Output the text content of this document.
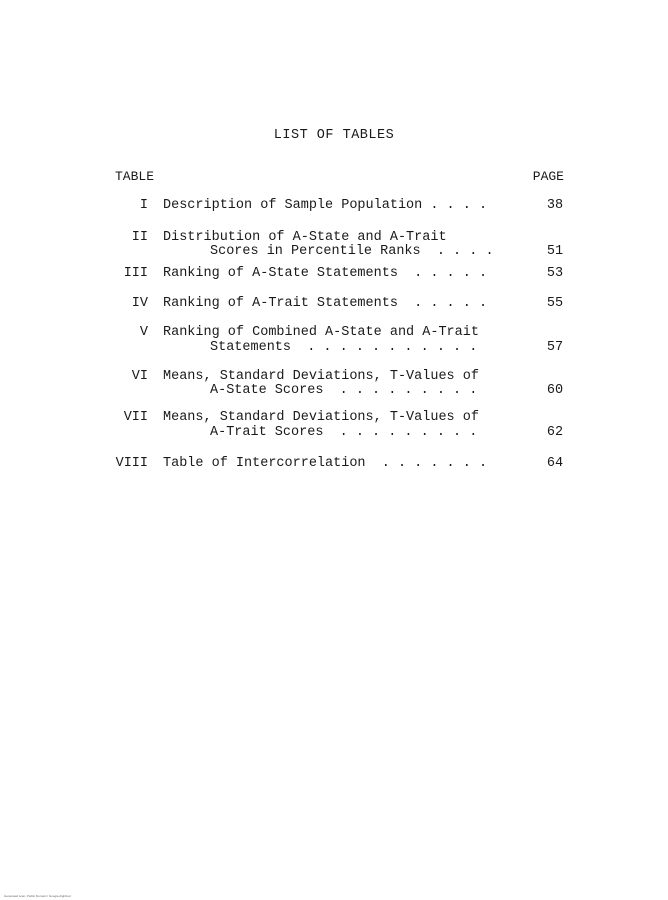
LIST OF TABLES
TABLE	PAGE
I Description of Sample Population . . . .	38
II Distribution of A-State and A-Trait
Scores in Percentile Ranks  . . . .	51
III Ranking of A-State Statements  . . . . .	53
IV Ranking of A-Trait Statements  . . . . .	55
V Ranking of Combined A-State and A-Trait
Statements  . . . . . . . . . . .	57
VI Means, Standard Deviations, T-Values of
A-State Scores  . . . . . . . . .	60
VII Means, Standard Deviations, T-Values of
A-Trait Scores  . . . . . . . . .	62
VIII Table of Intercorrelation  . . . . . . .	64
Generated scan. Public Domain / Google-digitized
